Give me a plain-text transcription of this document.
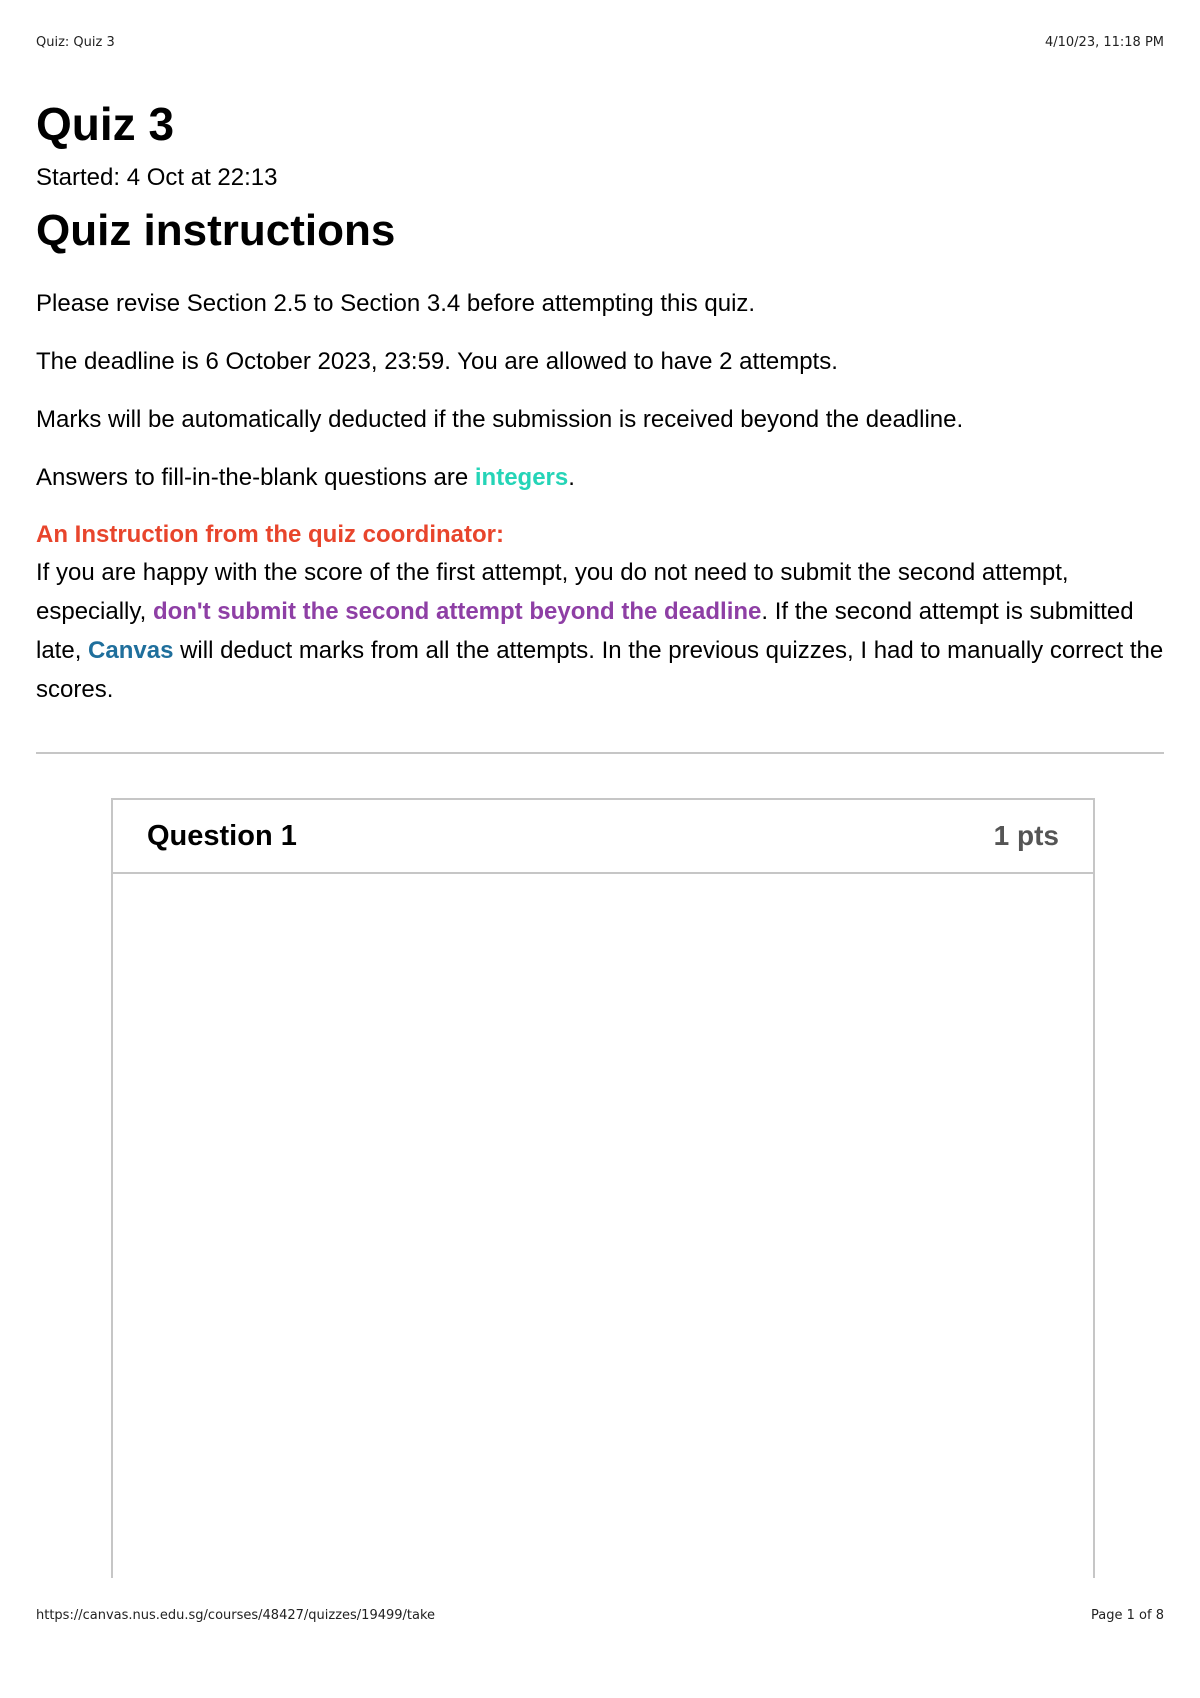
Quiz: Quiz 3	4/10/23, 11:18 PM
Quiz 3
Started: 4 Oct at 22:13
Quiz instructions

Please revise Section 2.5 to Section 3.4 before attempting this quiz.

The deadline is 6 October 2023, 23:59. You are allowed to have 2 attempts.

Marks will be automatically deducted if the submission is received beyond the deadline.

Answers to fill-in-the-blank questions are integers.

An Instruction from the quiz coordinator:
If you are happy with the score of the first attempt, you do not need to submit the second attempt, especially, don't submit the second attempt beyond the deadline. If the second attempt is submitted late, Canvas will deduct marks from all the attempts. In the previous quizzes, I had to manually correct the scores.
Question 1	1 pts
https://canvas.nus.edu.sg/courses/48427/quizzes/19499/take	Page 1 of 8
